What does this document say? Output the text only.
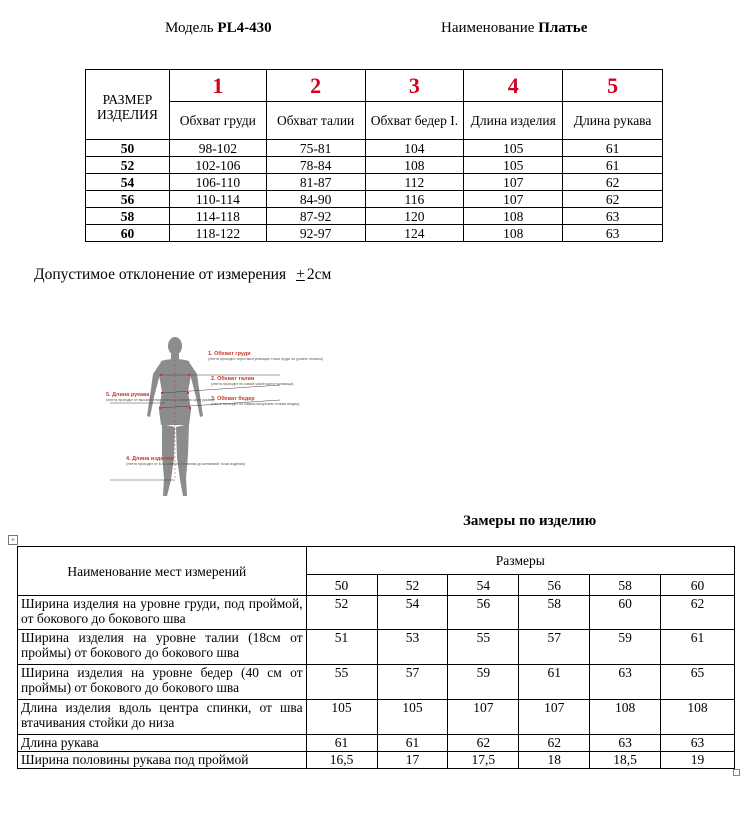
Модель PL4-430	Наименование Платье
РАЗМЕР ИЗДЕЛИЯ	1	2	3	4	5
	Обхват груди	Обхват талии	Обхват бедер I.	Длина изделия	Длина рукава
50	98-102	75-81	104	105	61
52	102-106	78-84	108	105	61
54	106-110	81-87	112	107	62
56	110-114	84-90	116	107	62
58	114-118	87-92	120	108	63
60	118-122	92-97	124	108	63
Допустимое отклонение от измерения + 2см
1. Обхват груди
(лента проходит через выступающие точки груди на уровне лопаток)
2. Обхват талии
(лента проходит по самой узкой части туловища)
3. Обхват бедер
(лента проходит по самым выпуклым точкам ягодиц)
5. Длина рукава
(лента проходит от высшей точки плеча до нижнего края рукава)
4. Длина изделия
(лента проходит от 6-го шейного позвонка до желаемой точки изделия)
Замеры по изделию
+
Наименование мест измерений	Размеры					
	50	52	54	56	58	60
Ширина изделия на уровне груди, под проймой, от бокового до бокового шва	52	54	56	58	60	62
Ширина изделия на уровне талии (18см от проймы) от бокового до бокового шва	51	53	55	57	59	61
Ширина изделия на уровне бедер (40 см от проймы) от бокового до бокового шва	55	57	59	61	63	65
Длина изделия вдоль центра спинки, от шва втачивания стойки до низа	105	105	107	107	108	108
Длина рукава	61	61	62	62	63	63
Ширина половины рукава под проймой	16,5	17	17,5	18	18,5	19
